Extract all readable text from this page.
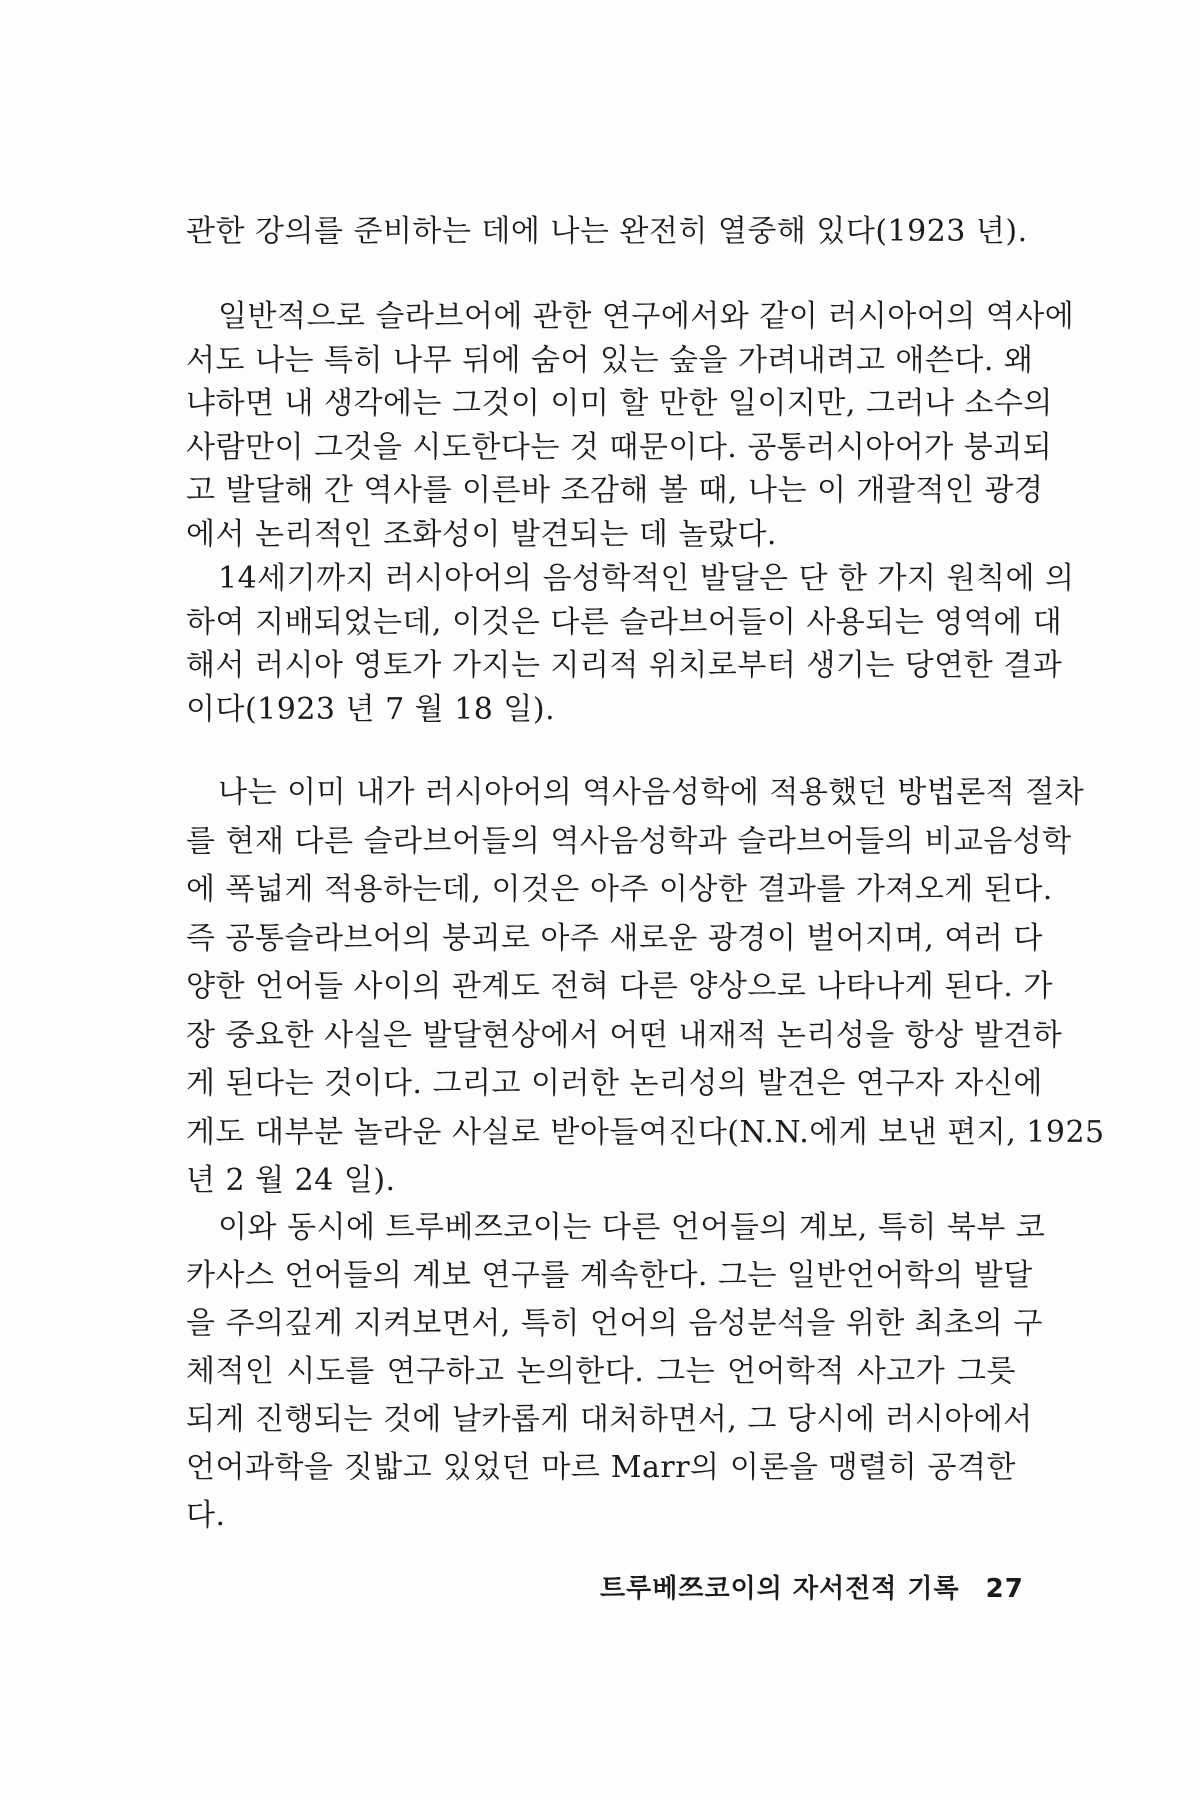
관한 강의를 준비하는 데에 나는 완전히 열중해 있다(1923 년).
일반적으로 슬라브어에 관한 연구에서와 같이 러시아어의 역사에
서도 나는 특히 나무 뒤에 숨어 있는 숲을 가려내려고 애쓴다. 왜
냐하면 내 생각에는 그것이 이미 할 만한 일이지만, 그러나 소수의
사람만이 그것을 시도한다는 것 때문이다. 공통러시아어가 붕괴되
고 발달해 간 역사를 이른바 조감해 볼 때, 나는 이 개괄적인 광경
에서 논리적인 조화성이 발견되는 데 놀랐다.
14세기까지 러시아어의 음성학적인 발달은 단 한 가지 원칙에 의
하여 지배되었는데, 이것은 다른 슬라브어들이 사용되는 영역에 대
해서 러시아 영토가 가지는 지리적 위치로부터 생기는 당연한 결과
이다(1923 년 7 월 18 일).
나는 이미 내가 러시아어의 역사음성학에 적용했던 방법론적 절차
를 현재 다른 슬라브어들의 역사음성학과 슬라브어들의 비교음성학
에 폭넓게 적용하는데, 이것은 아주 이상한 결과를 가져오게 된다.
즉 공통슬라브어의 붕괴로 아주 새로운 광경이 벌어지며, 여러 다
양한 언어들 사이의 관계도 전혀 다른 양상으로 나타나게 된다. 가
장 중요한 사실은 발달현상에서 어떤 내재적 논리성을 항상 발견하
게 된다는 것이다. 그리고 이러한 논리성의 발견은 연구자 자신에
게도 대부분 놀라운 사실로 받아들여진다(N.N.에게 보낸 편지, 1925
년 2 월 24 일).
이와 동시에 트루베쯔코이는 다른 언어들의 계보, 특히 북부 코
카사스 언어들의 계보 연구를 계속한다. 그는 일반언어학의 발달
을 주의깊게 지켜보면서, 특히 언어의 음성분석을 위한 최초의 구
체적인 시도를 연구하고 논의한다. 그는 언어학적 사고가 그릇
되게 진행되는 것에 날카롭게 대처하면서, 그 당시에 러시아에서
언어과학을 짓밟고 있었던 마르 Marr의 이론을 맹렬히 공격한
다.
트루베쯔코이의 자서전적 기록 27
